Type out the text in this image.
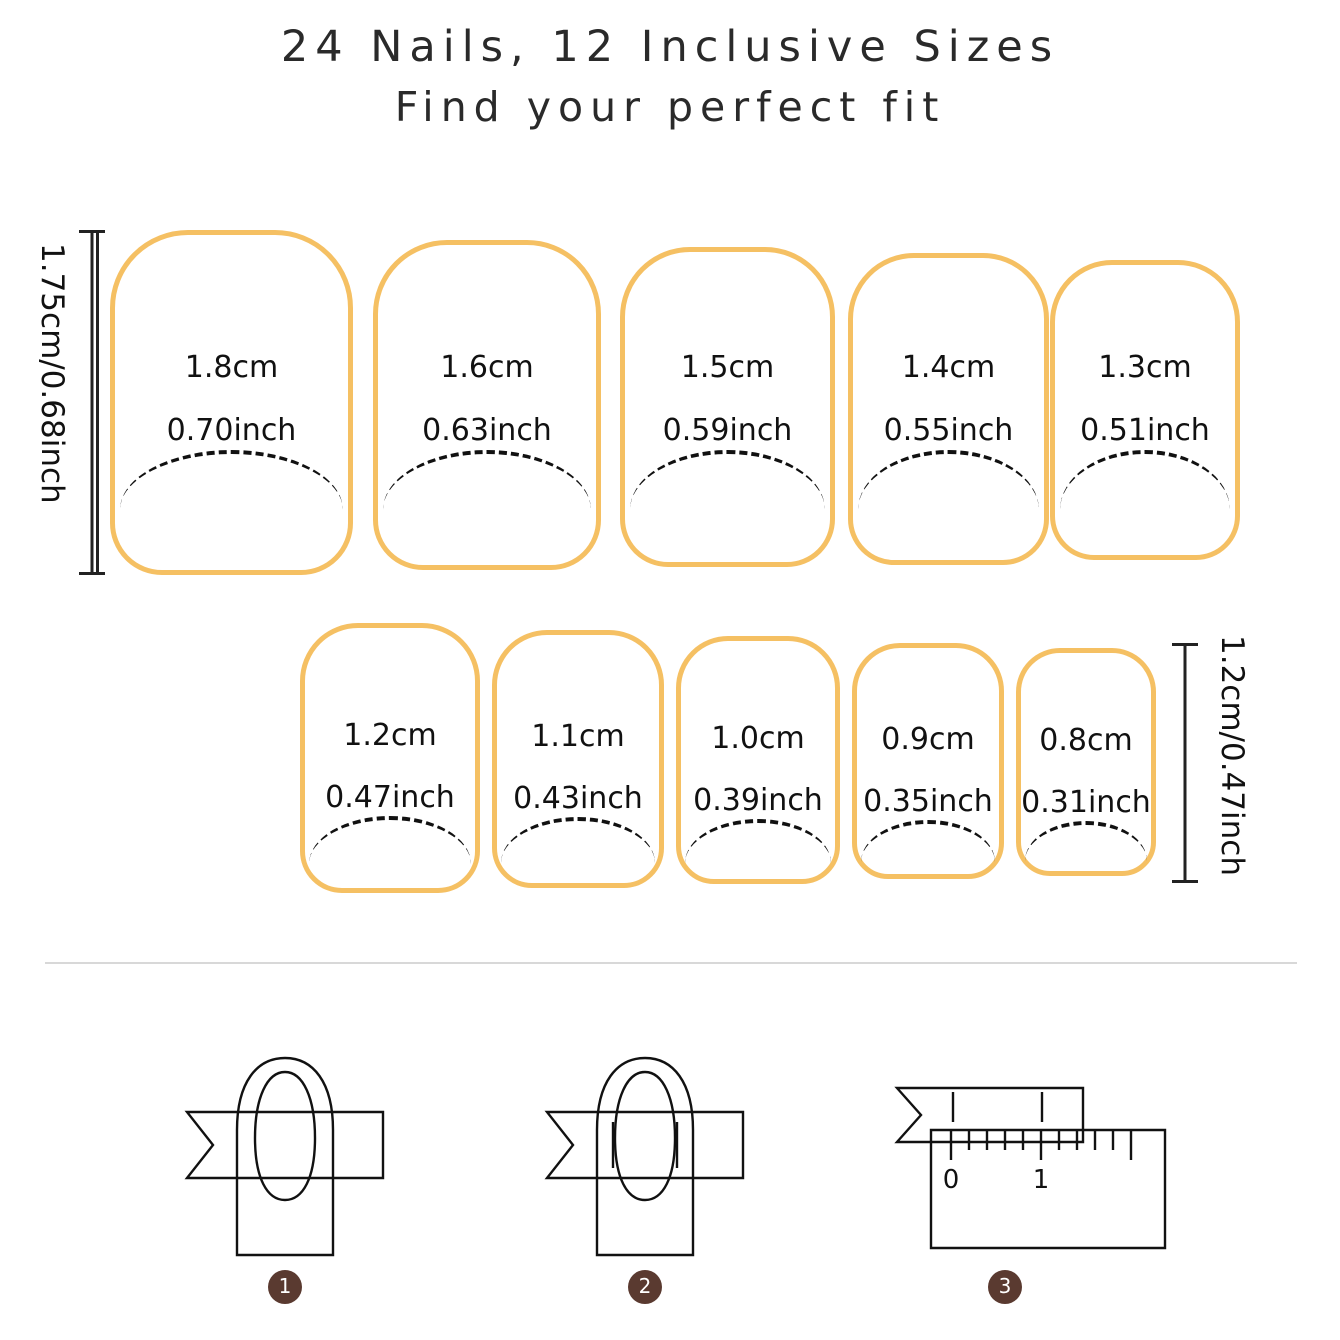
24 Nails, 12 Inclusive Sizes
Find your perfect fit
1.75cm/0.68inch	1.8cm
0.70inch
1.6cm
0.63inch
1.5cm
0.59inch
1.4cm
0.55inch
1.3cm
0.51inch
1.2cm
0.47inch
1.1cm
0.43inch
1.0cm
0.39inch
0.9cm
0.35inch
0.8cm
0.31inch 1.2cm/0.47inch
1	2
0	1
3
